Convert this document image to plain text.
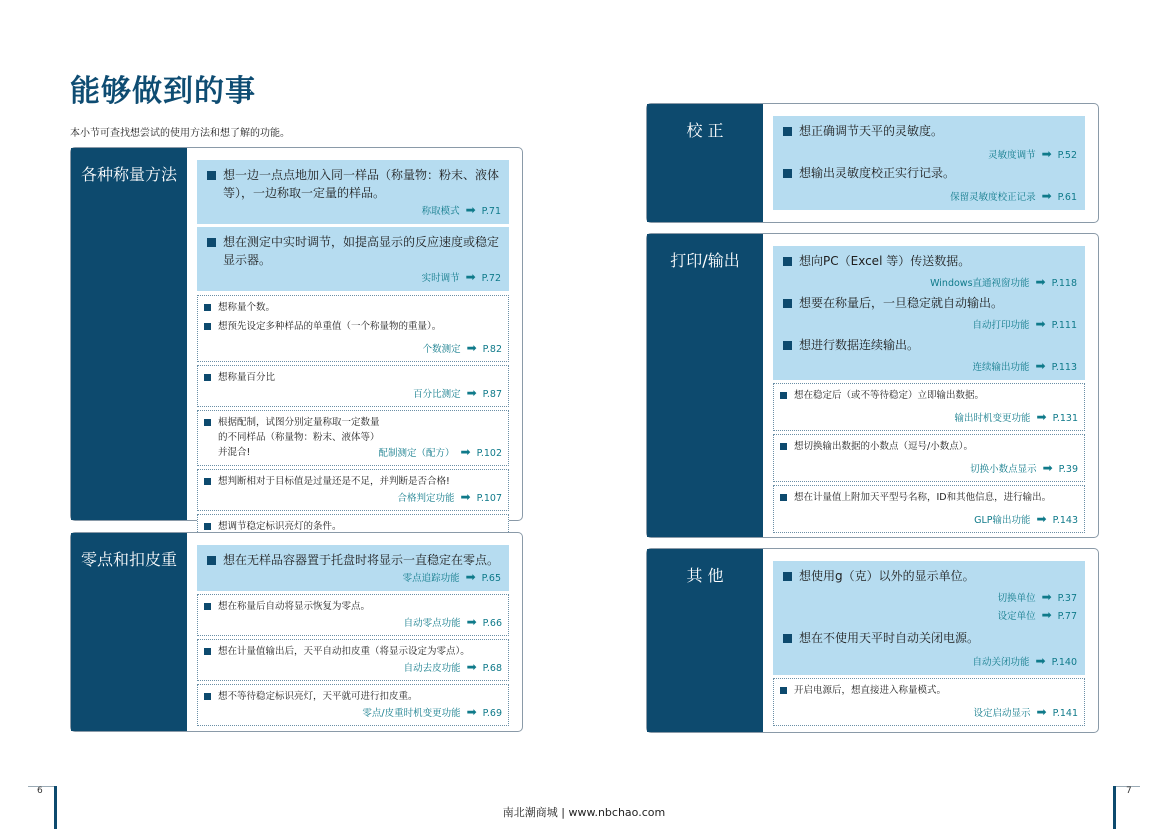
能够做到的事
本小节可查找想尝试的使用方法和想了解的功能。
各种称量方法	想一边一点点地加入同一样品（称量物：粉末、液体等），一边称取一定量的样品。
称取模式 ➡ P.71
想在测定中实时调节，如提高显示的反应速度或稳定显示器。
实时调节 ➡ P.72
想称量个数。
想预先设定多种样品的单重值（一个称量物的重量）。
个数测定 ➡ P.82
想称量百分比
百分比测定 ➡ P.87
根据配制，试图分别定量称取一定数量的不同样品（称量物：粉末、液体等）并混合!	配制测定（配方） ➡ P.102
想判断相对于目标值是过量还是不足，并判断是否合格!
合格判定功能 ➡ P.107
想调节稳定标识亮灯的条件。
零点和扣皮重	想在无样品容器置于托盘时将显示一直稳定在零点。
零点追踪功能 ➡ P.65
想在称量后自动将显示恢复为零点。
自动零点功能 ➡ P.66
想在计量值输出后，天平自动扣皮重（将显示设定为零点）。
自动去皮功能 ➡ P.68
想不等待稳定标识亮灯，天平就可进行扣皮重。
零点/皮重时机变更功能 ➡ P.69
校 正	想正确调节天平的灵敏度。
灵敏度调节 ➡ P.52
想输出灵敏度校正实行记录。
保留灵敏度校正记录 ➡ P.61
打印/输出	想向PC（Excel 等）传送数据。
Windows直通视窗功能 ➡ P.118
想要在称量后，一旦稳定就自动输出。
自动打印功能 ➡ P.111
想进行数据连续输出。
连续输出功能 ➡ P.113
想在稳定后（或不等待稳定）立即输出数据。
输出时机变更功能 ➡ P.131
想切换输出数据的小数点（逗号/小数点）。
切换小数点显示 ➡ P.39
想在计量值上附加天平型号名称，ID和其他信息，进行输出。
GLP输出功能 ➡ P.143
其 他	想使用g（克）以外的显示单位。
切换单位 ➡ P.37
设定单位 ➡ P.77
想在不使用天平时自动关闭电源。
自动关闭功能 ➡ P.140
开启电源后，想直接进入称量模式。
设定启动显示 ➡ P.141
6	7
南北潮商城 | www.nbchao.com
